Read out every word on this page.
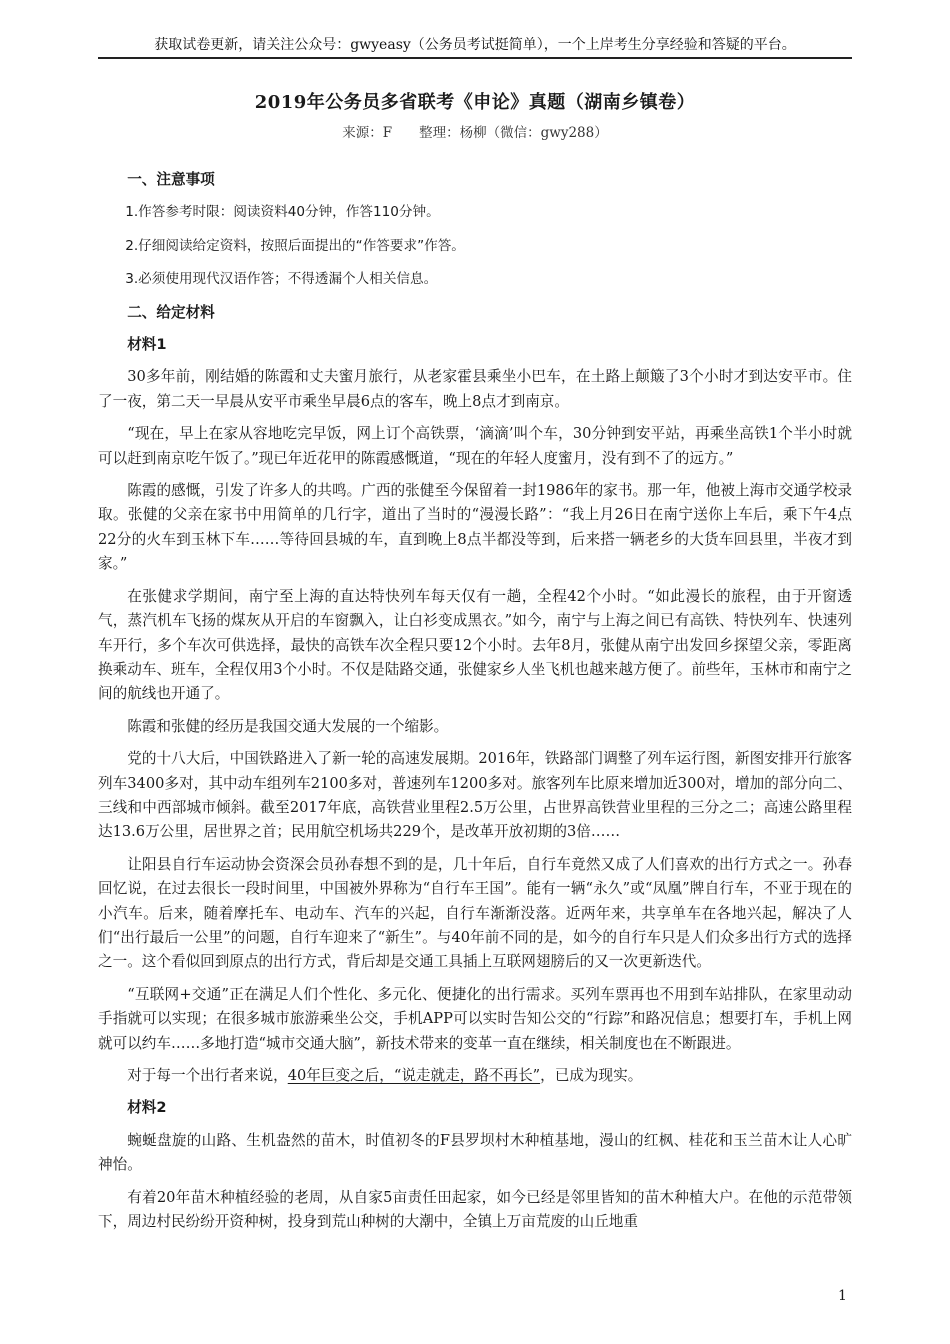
获取试卷更新，请关注公众号：gwyeasy（公务员考试挺简单），一个上岸考生分享经验和答疑的平台。
2019年公务员多省联考《申论》真题（湖南乡镇卷）
来源：F　　整理：杨柳（微信：gwy288）
一、注意事项

1.作答参考时限：阅读资料40分钟，作答110分钟。

2.仔细阅读给定资料，按照后面提出的“作答要求”作答。

3.必须使用现代汉语作答；不得透漏个人相关信息。

二、给定材料
材料1

30多年前，刚结婚的陈霞和丈夫蜜月旅行，从老家霍县乘坐小巴车，在土路上颠簸了3个小时才到达安平市。住了一夜，第二天一早晨从安平市乘坐早晨6点的客车，晚上8点才到南京。

“现在，早上在家从容地吃完早饭，网上订个高铁票，‘滴滴’叫个车，30分钟到安平站，再乘坐高铁1个半小时就可以赶到南京吃午饭了。”现已年近花甲的陈霞感慨道，“现在的年轻人度蜜月，没有到不了的远方。”

陈霞的感慨，引发了许多人的共鸣。广西的张健至今保留着一封1986年的家书。那一年，他被上海市交通学校录取。张健的父亲在家书中用简单的几行字，道出了当时的“漫漫长路”：“我上月26日在南宁送你上车后，乘下午4点22分的火车到玉林下车……等待回县城的车，直到晚上8点半都没等到，后来搭一辆老乡的大货车回县里，半夜才到家。”

在张健求学期间，南宁至上海的直达特快列车每天仅有一趟，全程42个小时。“如此漫长的旅程，由于开窗透气，蒸汽机车飞扬的煤灰从开启的车窗飘入，让白衫变成黑衣。”如今，南宁与上海之间已有高铁、特快列车、快速列车开行，多个车次可供选择，最快的高铁车次全程只要12个小时。去年8月，张健从南宁出发回乡探望父亲，零距离换乘动车、班车，全程仅用3个小时。不仅是陆路交通，张健家乡人坐飞机也越来越方便了。前些年，玉林市和南宁之间的航线也开通了。

陈霞和张健的经历是我国交通大发展的一个缩影。

党的十八大后，中国铁路进入了新一轮的高速发展期。2016年，铁路部门调整了列车运行图，新图安排开行旅客列车3400多对，其中动车组列车2100多对，普速列车1200多对。旅客列车比原来增加近300对，增加的部分向二、三线和中西部城市倾斜。截至2017年底，高铁营业里程2.5万公里，占世界高铁营业里程的三分之二；高速公路里程达13.6万公里，居世界之首；民用航空机场共229个，是改革开放初期的3倍……

让阳县自行车运动协会资深会员孙春想不到的是，几十年后，自行车竟然又成了人们喜欢的出行方式之一。孙春回忆说，在过去很长一段时间里，中国被外界称为“自行车王国”。能有一辆“永久”或“凤凰”牌自行车，不亚于现在的小汽车。后来，随着摩托车、电动车、汽车的兴起，自行车渐渐没落。近两年来，共享单车在各地兴起，解决了人们“出行最后一公里”的问题，自行车迎来了“新生”。与40年前不同的是，如今的自行车只是人们众多出行方式的选择之一。这个看似回到原点的出行方式，背后却是交通工具插上互联网翅膀后的又一次更新迭代。

“互联网+交通”正在满足人们个性化、多元化、便捷化的出行需求。买列车票再也不用到车站排队，在家里动动手指就可以实现；在很多城市旅游乘坐公交，手机APP可以实时告知公交的“行踪”和路况信息；想要打车，手机上网就可以约车……多地打造“城市交通大脑”，新技术带来的变革一直在继续，相关制度也在不断跟进。

对于每一个出行者来说，40年巨变之后，“说走就走，路不再长”，已成为现实。

材料2

蜿蜒盘旋的山路、生机盎然的苗木，时值初冬的F县罗坝村木种植基地，漫山的红枫、桂花和玉兰苗木让人心旷神怡。

有着20年苗木种植经验的老周，从自家5亩责任田起家，如今已经是邻里皆知的苗木种植大户。在他的示范带领下，周边村民纷纷开资种树，投身到荒山种树的大潮中，全镇上万亩荒废的山丘地重

1
